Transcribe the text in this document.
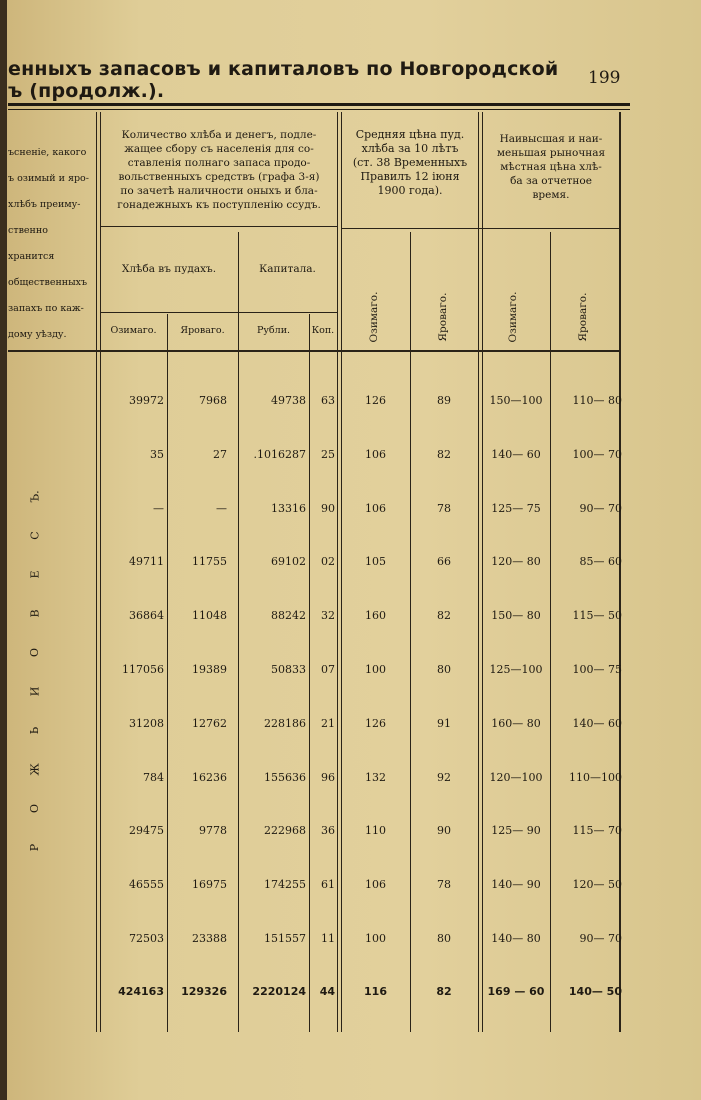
енныхъ запасовъ и капиталовъ по Новгородской
ъ (продолж.).
199
ъсненіе, какого
ъ озимый и яро-
хлѣбъ преиму-
ственно хранится
общественныхъ
запахъ по каж-
дому уѣзду.
Количество хлѣба и денегъ, подле-
жащее сбору съ населенія для со-
ставленія полнаго запаса продо-
вольственныхъ средствъ (графа 3-я)
по зачетѣ наличности оныхъ и бла-
гонадежныхъ къ поступленію ссудъ.
Хлѣба въ пудахъ.	Капитала.
Озимаго.	Яроваго.	Рубли.	Коп.
Средняя цѣна пуд.
хлѣба за 10 лѣтъ
(ст. 38 Временныхъ
Правилъ 12 іюня
1900 года).
Наивысшая и наи-
меньшая рыночная
мѣстная цѣна хлѣ-
ба за отчетное
время.
Озимаго.	Яроваго.	Озимаго.	Яроваго.
Ъ.
С
Е
В
О
И
Ь
Ж
О
Р
39972	7968	49738	63	126	89	150—100	110— 80
35	27	.1016287	25	106	82	140— 60	100— 70
—	—	13316	90	106	78	125— 75	90— 70
49711	11755	69102	02	105	66	120— 80	85— 60
36864	11048	88242	32	160	82	150— 80	115— 50
117056	19389	50833	07	100	80	125—100	100— 75
31208	12762	228186	21	126	91	160— 80	140— 60
784	16236	155636	96	132	92	120—100	110—100
29475	9778	222968	36	110	90	125— 90	115— 70
46555	16975	174255	61	106	78	140— 90	120— 50
72503	23388	151557	11	100	80	140— 80	90— 70
424163	129326	2220124	44	116	82	169 — 60	140— 50
